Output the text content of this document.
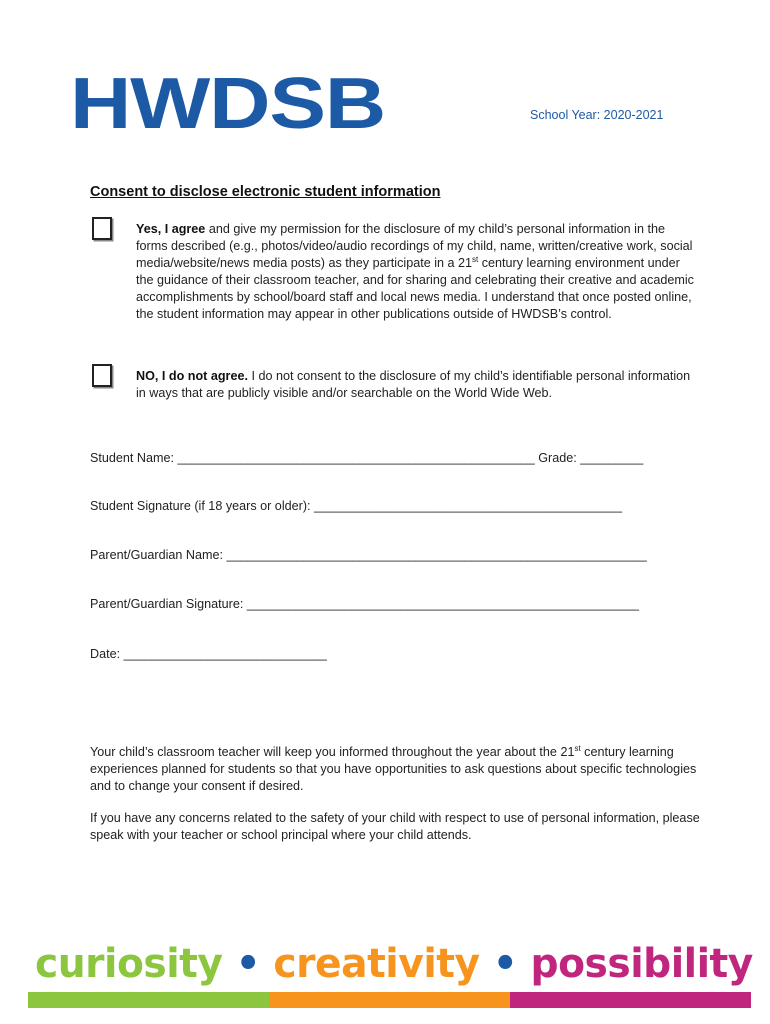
HWDSB	School Year: 2020-2021
Consent to disclose electronic student information
Yes, I agree and give my permission for the disclosure of my child’s personal information in the forms described (e.g., photos/video/audio recordings of my child, name, written/creative work, social media/website/news media posts) as they participate in a 21st century learning environment under the guidance of their classroom teacher, and for sharing and celebrating their creative and academic accomplishments by school/board staff and local news media. I understand that once posted online, the student information may appear in other publications outside of HWDSB’s control.
NO, I do not agree. I do not consent to the disclosure of my child’s identifiable personal information in ways that are publicly visible and/or searchable on the World Wide Web.
Student Name: ___________________________________________________ Grade: _________
Student Signature (if 18 years or older): ____________________________________________
Parent/Guardian Name: ____________________________________________________________
Parent/Guardian Signature: ________________________________________________________
Date: _____________________________
Your child’s classroom teacher will keep you informed throughout the year about the 21st century learning experiences planned for students so that you have opportunities to ask questions about specific technologies and to change your consent if desired.
If you have any concerns related to the safety of your child with respect to use of personal information, please speak with your teacher or school principal where your child attends.
curiosity • creativity • possibility
